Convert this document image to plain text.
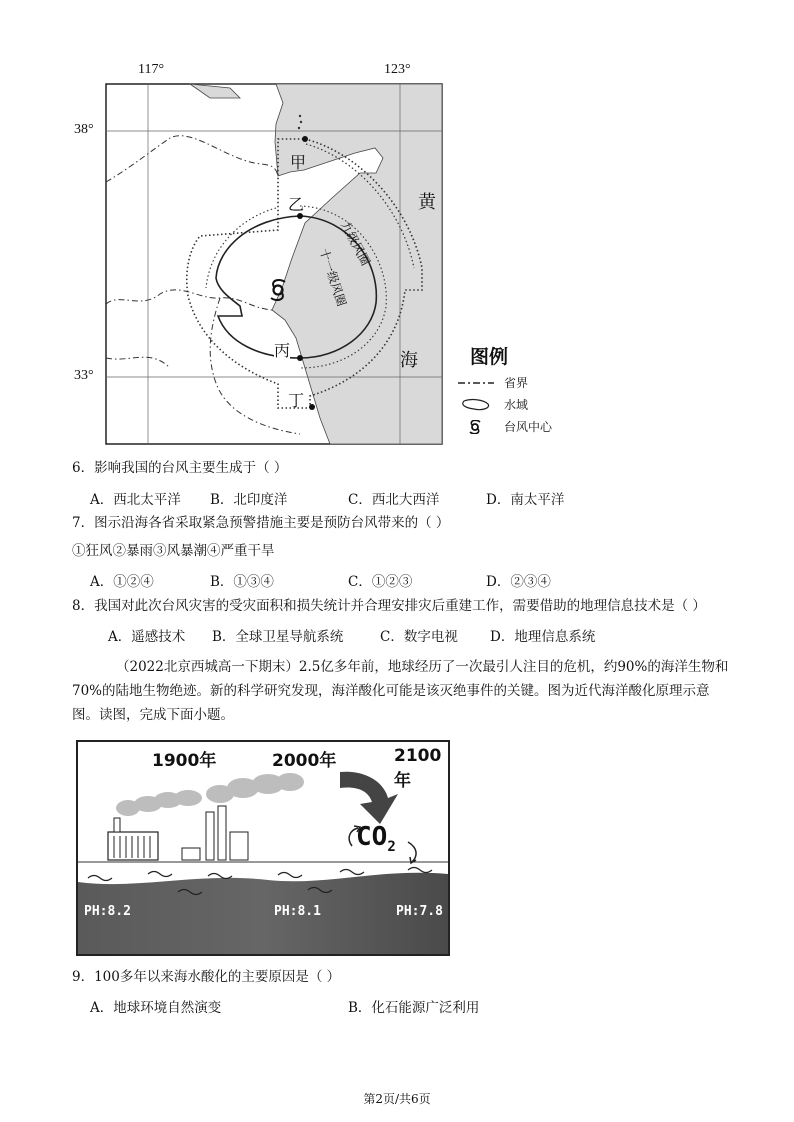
117°	123°
38°
33°
甲
乙
丙
丁
黄
海
九级风圈
十一级风圈
图例
省界
水域
台风中心
6．影响我国的台风主要生成于（ ）
A．西北太平洋 B．北印度洋	C．西北大西洋	D．南太平洋
7．图示沿海各省采取紧急预警措施主要是预防台风带来的（ ）
①狂风②暴雨③风暴潮④严重干旱
A．①②④	B．①③④	C．①②③	D．②③④
8．我国对此次台风灾害的受灾面积和损失统计并合理安排灾后重建工作，需要借助的地理信息技术是（ ）
A．遥感技术 B．全球卫星导航系统	C．数字电视 D．地理信息系统
（2022北京西城高一下期末）2.5亿多年前，地球经历了一次最引人注目的危机，约90%的海洋生物和70%的陆地生物绝迹。新的科学研究发现，海洋酸化可能是该灭绝事件的关键。图为近代海洋酸化原理示意图。读图，完成下面小题。
1900年	2000年	2100年
$CO_2$
PH:8.2	PH:8.1	PH:7.8
9．100多年以来海水酸化的主要原因是（ ）
A．地球环境自然演变	B．化石能源广泛利用
第2页/共6页
